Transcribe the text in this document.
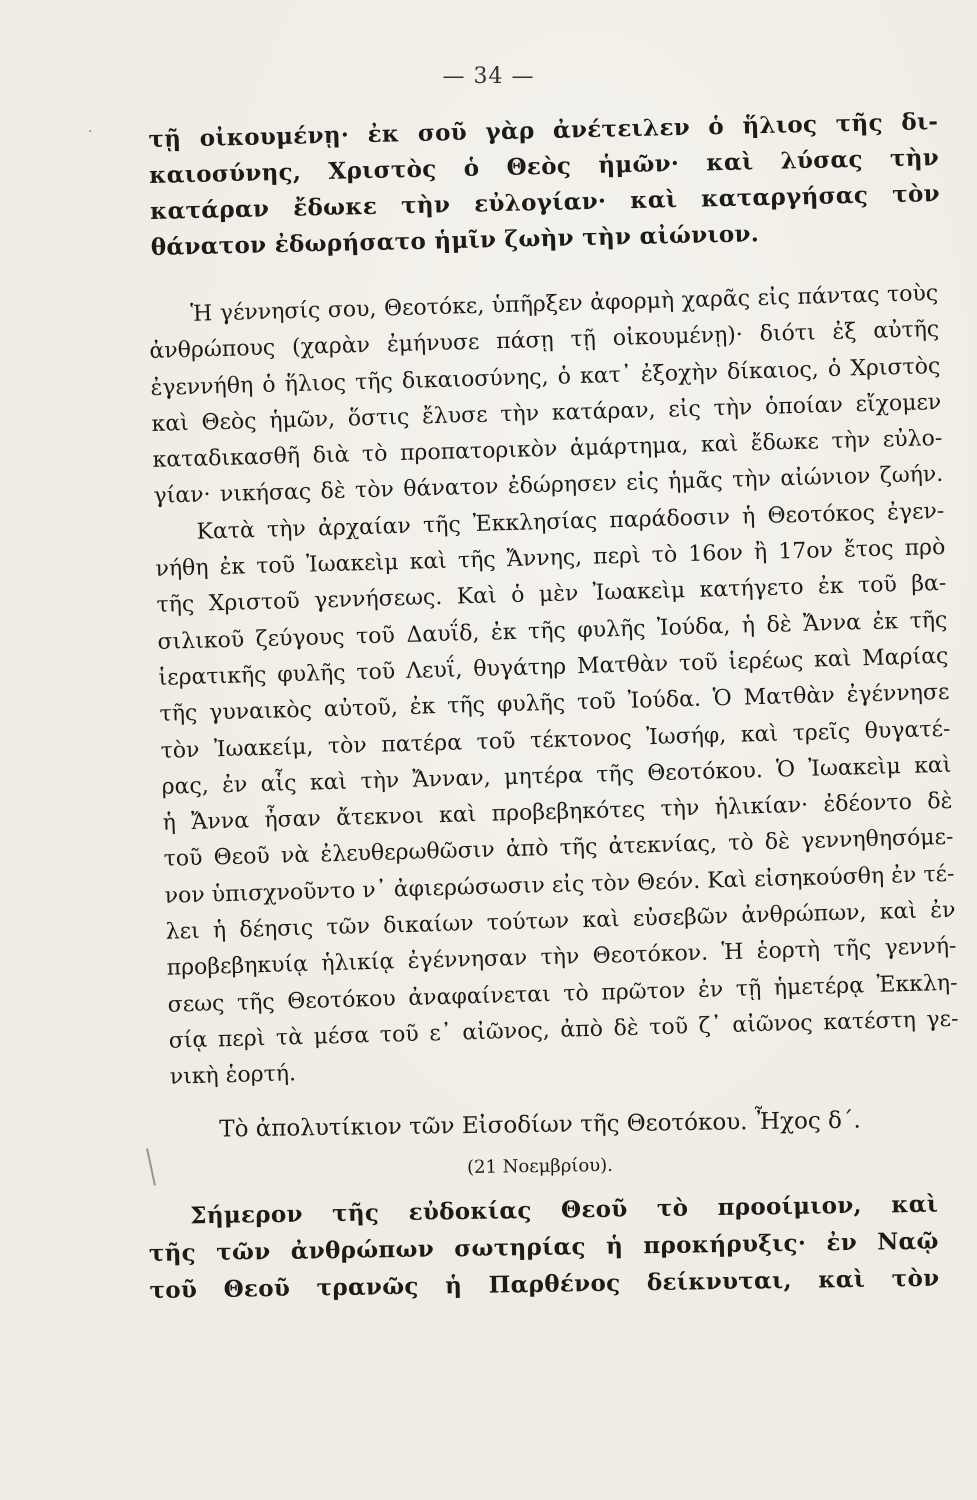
— 34 —
· τῇ οἰκουμένῃ· ἐκ σοῦ γὰρ ἀνέτειλεν ὁ ἥλιος τῆς δι-
καιοσύνης, Χριστὸς ὁ Θεὸς ἡμῶν· καὶ λύσας τὴν
κατάραν ἔδωκε τὴν εὐλογίαν· καὶ καταργήσας τὸν
θάνατον ἐδωρήσατο ἡμῖν ζωὴν τὴν αἰώνιον.
Ἡ γέννησίς σου, Θεοτόκε, ὑπῆρξεν ἀφορμὴ χαρᾶς εἰς πάντας τοὺς
ἀνθρώπους (χαρὰν ἐμήνυσε πάσῃ τῇ οἰκουμένῃ)· διότι ἐξ αὐτῆς
ἐγεννήθη ὁ ἥλιος τῆς δικαιοσύνης, ὁ κατ᾽ ἐξοχὴν δίκαιος, ὁ Χριστὸς
καὶ Θεὸς ἡμῶν, ὅστις ἔλυσε τὴν κατάραν, εἰς τὴν ὁποίαν εἴχομεν
καταδικασθῆ διὰ τὸ προπατορικὸν ἁμάρτημα, καὶ ἔδωκε τὴν εὐλο-
γίαν· νικήσας δὲ τὸν θάνατον ἐδώρησεν εἰς ἡμᾶς τὴν αἰώνιον ζωήν.
Κατὰ τὴν ἀρχαίαν τῆς Ἐκκλησίας παράδοσιν ἡ Θεοτόκος ἐγεν-
νήθη ἐκ τοῦ Ἰωακεὶμ καὶ τῆς Ἄννης, περὶ τὸ 16ον ἢ 17ον ἔτος πρὸ
τῆς Χριστοῦ γεννήσεως. Καὶ ὁ μὲν Ἰωακεὶμ κατήγετο ἐκ τοῦ βα-
σιλικοῦ ζεύγους τοῦ Δαυΐδ, ἐκ τῆς φυλῆς Ἰούδα, ἡ δὲ Ἄννα ἐκ τῆς
ἱερατικῆς φυλῆς τοῦ Λευΐ, θυγάτηρ Ματθὰν τοῦ ἱερέως καὶ Μαρίας
τῆς γυναικὸς αὐτοῦ, ἐκ τῆς φυλῆς τοῦ Ἰούδα. Ὁ Ματθὰν ἐγέννησε
τὸν Ἰωακείμ, τὸν πατέρα τοῦ τέκτονος Ἰωσήφ, καὶ τρεῖς θυγατέ-
ρας, ἐν αἷς καὶ τὴν Ἄνναν, μητέρα τῆς Θεοτόκου. Ὁ Ἰωακεὶμ καὶ
ἡ Ἄννα ἦσαν ἄτεκνοι καὶ προβεβηκότες τὴν ἡλικίαν· ἐδέοντο δὲ
τοῦ Θεοῦ νὰ ἐλευθερωθῶσιν ἀπὸ τῆς ἀτεκνίας, τὸ δὲ γεννηθησόμε-
νον ὑπισχνοῦντο ν᾽ ἀφιερώσωσιν εἰς τὸν Θεόν. Καὶ εἰσηκούσθη ἐν τέ-
λει ἡ δέησις τῶν δικαίων τούτων καὶ εὐσεβῶν ἀνθρώπων, καὶ ἐν
προβεβηκυίᾳ ἡλικίᾳ ἐγέννησαν τὴν Θεοτόκον. Ἡ ἑορτὴ τῆς γεννή-
σεως τῆς Θεοτόκου ἀναφαίνεται τὸ πρῶτον ἐν τῇ ἡμετέρᾳ Ἐκκλη-
σίᾳ περὶ τὰ μέσα τοῦ ε᾽ αἰῶνος, ἀπὸ δὲ τοῦ ζ᾽ αἰῶνος κατέστη γε-
νικὴ ἑορτή.
Τὸ ἀπολυτίκιον τῶν Εἰσοδίων τῆς Θεοτόκου. Ἦχος δ΄.
(21 Νοεμβρίου).
Σήμερον τῆς εὐδοκίας Θεοῦ τὸ προοίμιον, καὶ
τῆς τῶν ἀνθρώπων σωτηρίας ἡ προκήρυξις· ἐν Ναῷ
τοῦ Θεοῦ τρανῶς ἡ Παρθένος δείκνυται, καὶ τὸν
